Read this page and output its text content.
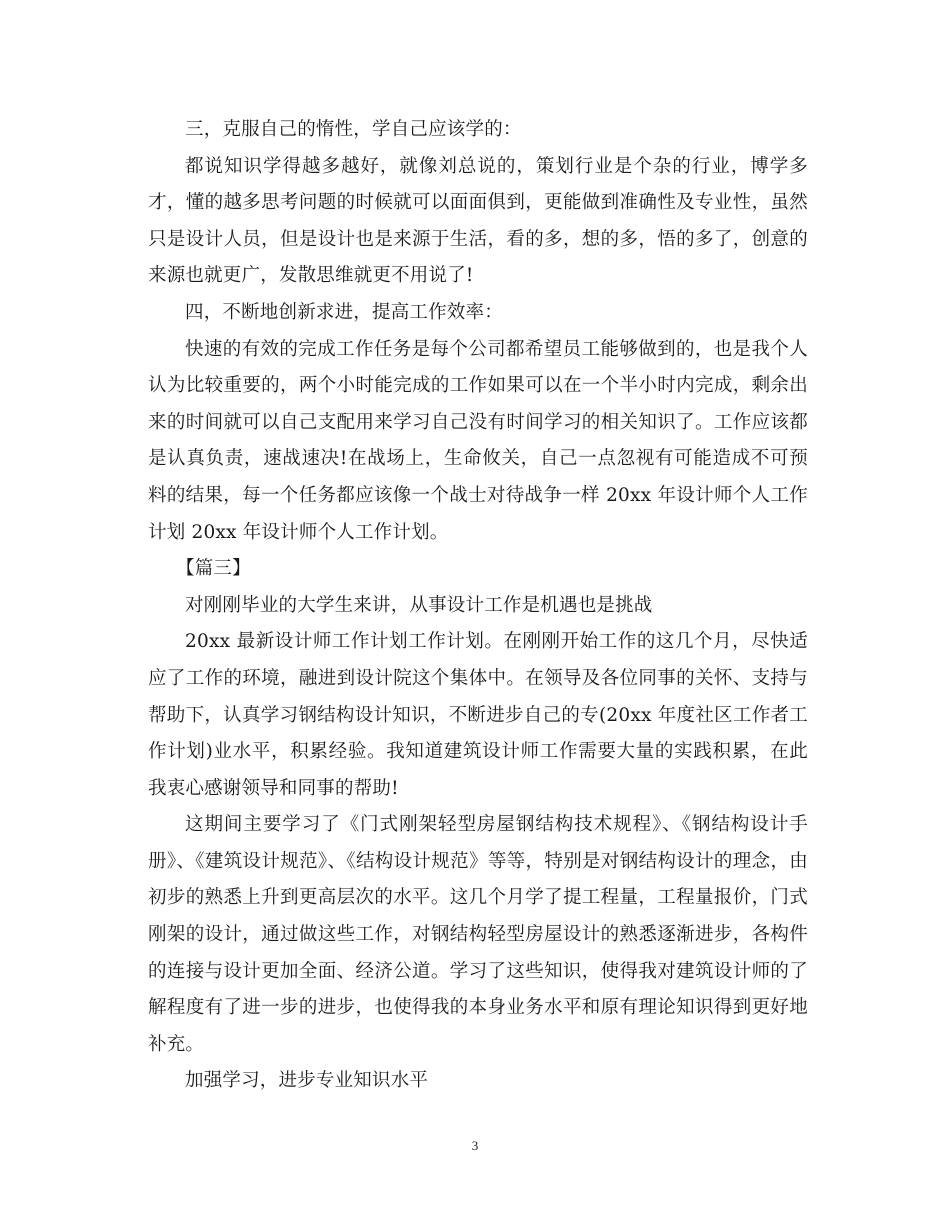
三，克服自己的惰性，学自己应该学的：

都说知识学得越多越好，就像刘总说的，策划行业是个杂的行业，博学多才，懂的越多思考问题的时候就可以面面俱到，更能做到准确性及专业性，虽然只是设计人员，但是设计也是来源于生活，看的多，想的多，悟的多了，创意的来源也就更广，发散思维就更不用说了!

四，不断地创新求进，提高工作效率：

快速的有效的完成工作任务是每个公司都希望员工能够做到的，也是我个人认为比较重要的，两个小时能完成的工作如果可以在一个半小时内完成，剩余出来的时间就可以自己支配用来学习自己没有时间学习的相关知识了。工作应该都是认真负责，速战速决!在战场上，生命攸关，自己一点忽视有可能造成不可预料的结果，每一个任务都应该像一个战士对待战争一样 20xx 年设计师个人工作计划 20xx 年设计师个人工作计划。

【篇三】

对刚刚毕业的大学生来讲，从事设计工作是机遇也是挑战

20xx 最新设计师工作计划工作计划。在刚刚开始工作的这几个月，尽快适应了工作的环境，融进到设计院这个集体中。在领导及各位同事的关怀、支持与帮助下，认真学习钢结构设计知识，不断进步自己的专(20xx 年度社区工作者工作计划)业水平，积累经验。我知道建筑设计师工作需要大量的实践积累，在此我衷心感谢领导和同事的帮助!

这期间主要学习了《门式刚架轻型房屋钢结构技术规程》、《钢结构设计手册》、《建筑设计规范》、《结构设计规范》等等，特别是对钢结构设计的理念，由初步的熟悉上升到更高层次的水平。这几个月学了提工程量，工程量报价，门式刚架的设计，通过做这些工作，对钢结构轻型房屋设计的熟悉逐渐进步，各构件的连接与设计更加全面、经济公道。学习了这些知识，使得我对建筑设计师的了解程度有了进一步的进步，也使得我的本身业务水平和原有理论知识得到更好地补充。

加强学习，进步专业知识水平

3
